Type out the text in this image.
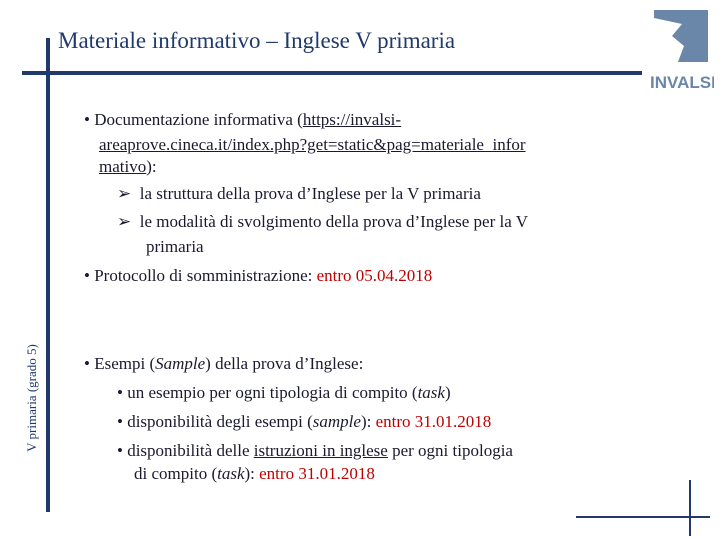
Materiale informativo – Inglese V primaria
V primaria (grado 5)
INVALSI
• Documentazione informativa (https://invalsi-
areaprove.cineca.it/index.php?get=static&pag=materiale_infor
mativo):
➢  la struttura della prova d’Inglese per la V primaria
➢  le modalità di svolgimento della prova d’Inglese per la V
primaria
• Protocollo di somministrazione: entro 05.04.2018
• Esempi (Sample) della prova d’Inglese:
• un esempio per ogni tipologia di compito (task)
• disponibilità degli esempi (sample): entro 31.01.2018
• disponibilità delle istruzioni in inglese per ogni tipologia
di compito (task): entro 31.01.2018
